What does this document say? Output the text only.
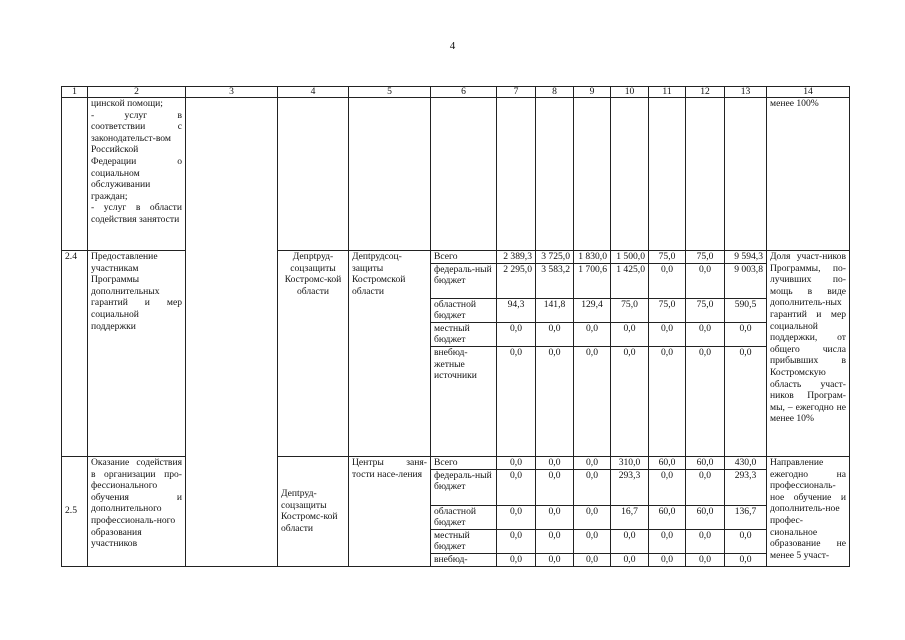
4
1	2	3	4	5	6	7	8	9	10	11	12	13	14
	цинской помощи;
- услуг в соответствии с законодательст-вом Российской Федерации о социальном обслуживании граждан;
- услуг в области содействия занятости												менее 100%
2.4	Предоставление участникам Программы дополнительных гарантий и мер социальной поддержки		Депрtруд-соцзащиты Костромс-кой области	Депtрудсоц-защиты Костромской области	Всего	2 389,3	3 725,0	1 830,0	1 500,0	75,0	75,0	9 594,3	Доля участ-ников Программы, по-лучивших по-мощь в виде дополнитель-ных гарантий и мер социальной поддержки, от общего числа прибывших в Костромскую область участ-ников Програм-мы, – ежегодно не менее 10%
					федераль-ный бюджет	2 295,0	3 583,2	1 700,6	1 425,0	0,0	0,0	9 003,8	
					областной бюджет	94,3	141,8	129,4	75,0	75,0	75,0	590,5	
					местный бюджет	0,0	0,0	0,0	0,0	0,0	0,0	0,0	
					внебюд-жетные источники	0,0	0,0	0,0	0,0	0,0	0,0	0,0	
2.5	Оказание содействия в организации про-фессионального обучения и дополнительного профессиональ-ного образования участников		Депtруд-соцзащиты Костромс-кой области	Центры заня-тости насе-ления	Всего	0,0	0,0	0,0	310,0	60,0	60,0	430,0	Направление ежегодно на профессиональ-ное обучение и дополнитель-ное профес-сиональное образование не менее 5 участ-
					федераль-ный бюджет	0,0	0,0	0,0	293,3	0,0	0,0	293,3	
					областной бюджет	0,0	0,0	0,0	16,7	60,0	60,0	136,7	
					местный бюджет	0,0	0,0	0,0	0,0	0,0	0,0	0,0	
					внебюд-	0,0	0,0	0,0	0,0	0,0	0,0	0,0	
